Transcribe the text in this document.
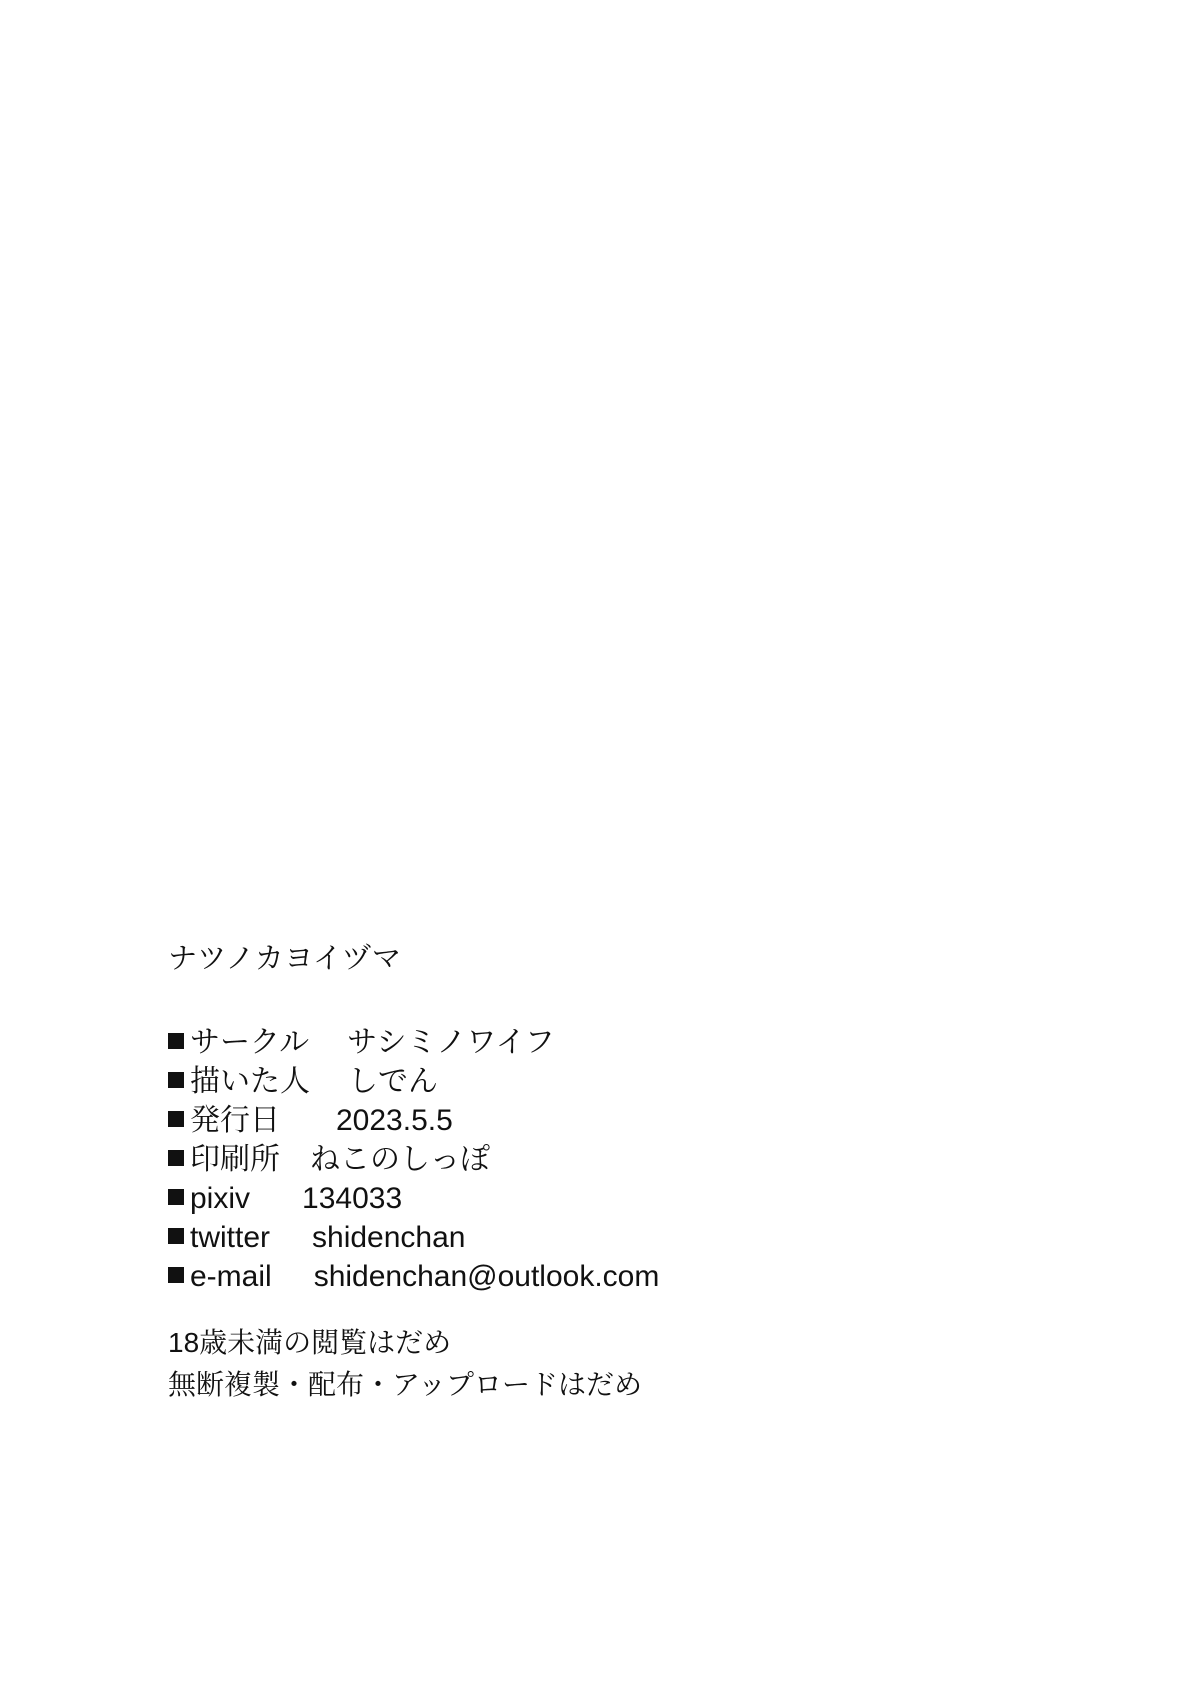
ナツノカヨイヅマ
サークル サシミノワイフ
描いた人 しでん
発行日 2023.5.5
印刷所 ねこのしっぽ
pixiv 134033
twitter shidenchan
e-mail shidenchan@outlook.com
18歳未満の閲覧はだめ
無断複製・配布・アップロードはだめ
